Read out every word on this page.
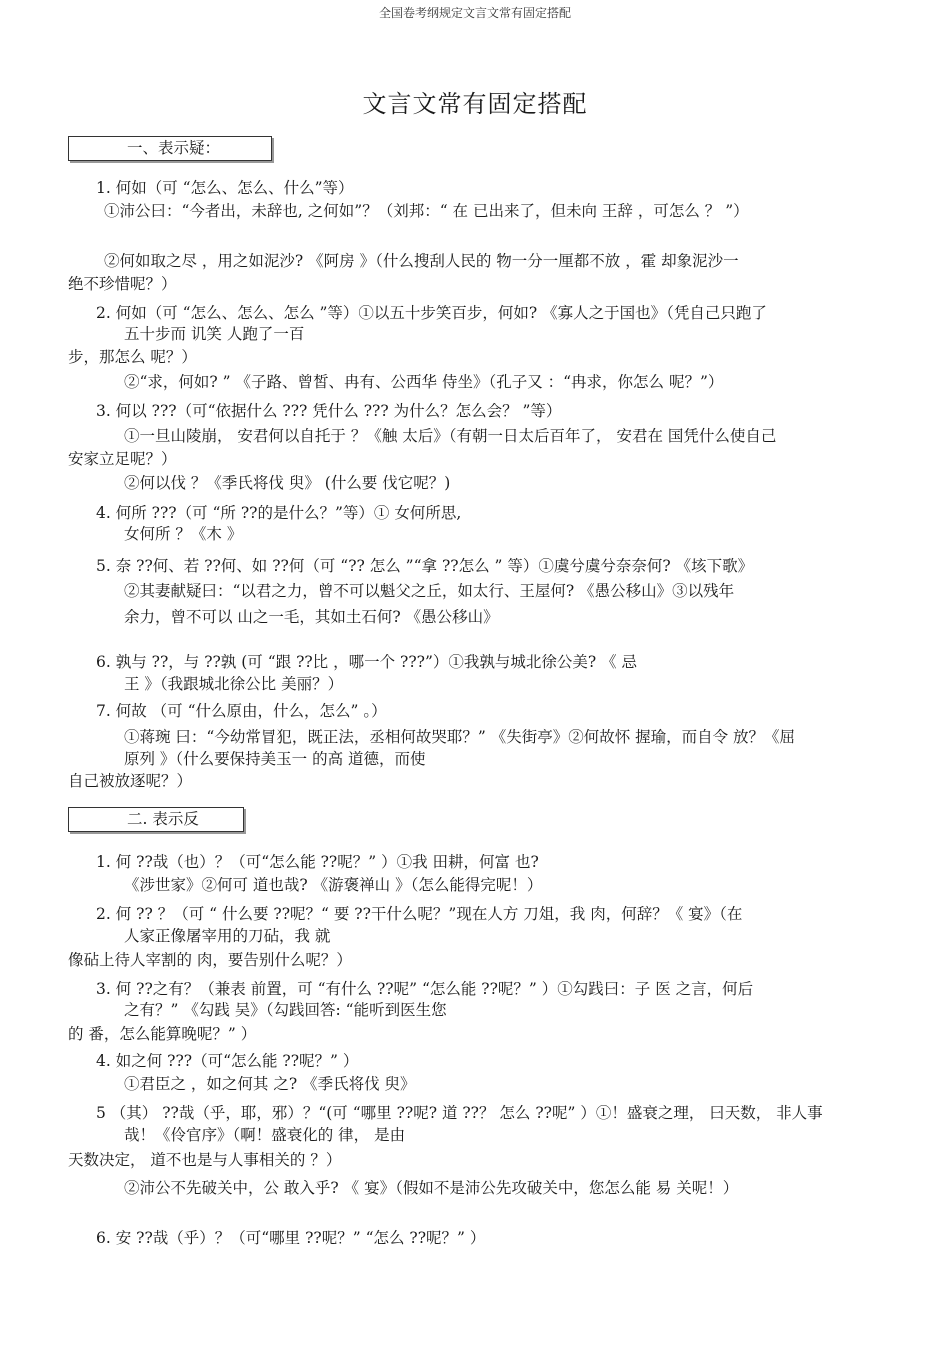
全国卷考纲规定文言文常有固定搭配
文言文常有固定搭配
一、表示疑：
1. 何如（可 “怎么、怎么、什么”等）
①沛公曰：“今者出，未辞也, 之何如”？（刘邦：“ 在 已出来了，但未向 王辞 ，可怎么 ？ ”）
②何如取之尽 ，用之如泥沙? 《阿房 》（什么搜刮人民的 物一分一厘都不放 ，霍 却象泥沙一
绝不珍惜呢？）
2. 何如（可 “怎么、怎么、怎么 ”等）①以五十步笑百步，何如? 《寡人之于国也》（凭自己只跑了
五十步而 讥笑 人跑了一百
步，那怎么 呢？）
②“求，何如? ” 《子路、曾皙、冉有、公西华 侍坐》（孔子又 ：“冉求，你怎么 呢？”）
3. 何以 ???（可“依据什么 ??? 凭什么 ??? 为什么？怎么会？ ”等）
①一旦山陵崩， 安君何以自托于 ？《触 太后》（有朝一日太后百年了， 安君在 国凭什么使自己
安家立足呢？）
②何以伐 ？《季氏将伐 臾》 (什么要 伐它呢？)
4. 何所 ???（可 “所 ??的是什么？”等）① 女何所思,
女何所 ？《木 》
5. 奈 ??何、若 ??何、如 ??何（可 “?? 怎么 ”“拿 ??怎么 ” 等）①虞兮虞兮奈奈何? 《垓下歌》
②其妻献疑曰：“以君之力，曾不可以魁父之丘，如太行、王屋何? 《愚公移山》③以残年
余力，曾不可以 山之一毛，其如土石何? 《愚公移山》
6. 孰与 ??，与 ??孰 (可 “跟 ??比 ，哪一个 ???”）①我孰与城北徐公美? 《 忌
王 》（我跟城北徐公比 美丽？）
7. 何故 （可 “什么原由，什么，怎么” 。）
①蒋琬 曰：“今幼常冒犯，既正法，丞相何故哭耶？” 《失街亭》②何故怀 握瑜，而自令 放？《屈
原列 》（什么要保持美玉一 的高 道德，而使
自己被放逐呢？）
二. 表示反
1. 何 ??哉（也）？（可“怎么能 ??呢？” ）①我 田耕，何富 也?
《涉世家》②何可 道也哉? 《游褒禅山 》（怎么能得完呢！）
2. 何 ?? ？（可 “ 什么要 ??呢？“ 要 ??干什么呢？”现在人方 刀俎，我 肉，何辞？《 宴》（在
人家正像屠宰用的刀砧，我 就
像砧上待人宰割的 肉，要告别什么呢？）
3. 何 ??之有？（兼表 前置，可 “有什么 ??呢” “怎么能 ??呢？” ）①勾践曰：子 医 之言，何后
之有？” 《勾践 吴》（勾践回答: “能听到医生您
的 番，怎么能算晚呢？” ）
4. 如之何 ???（可“怎么能 ??呢？” ）
①君臣之 ，如之何其 之? 《季氏将伐 臾》
5 （其） ??哉（乎，耶，邪）？“(可 “哪里 ??呢? 道 ??？ 怎么 ??呢” ）①！盛衰之理， 曰天数， 非人事
哉！《伶官序》（啊！盛衰化的 律， 是由
天数决定， 道不也是与人事相关的 ？）
②沛公不先破关中，公 敢入乎? 《 宴》（假如不是沛公先攻破关中，您怎么能 易 关呢！）
6. 安 ??哉（乎）？（可“哪里 ??呢？” “怎么 ??呢？” ）
